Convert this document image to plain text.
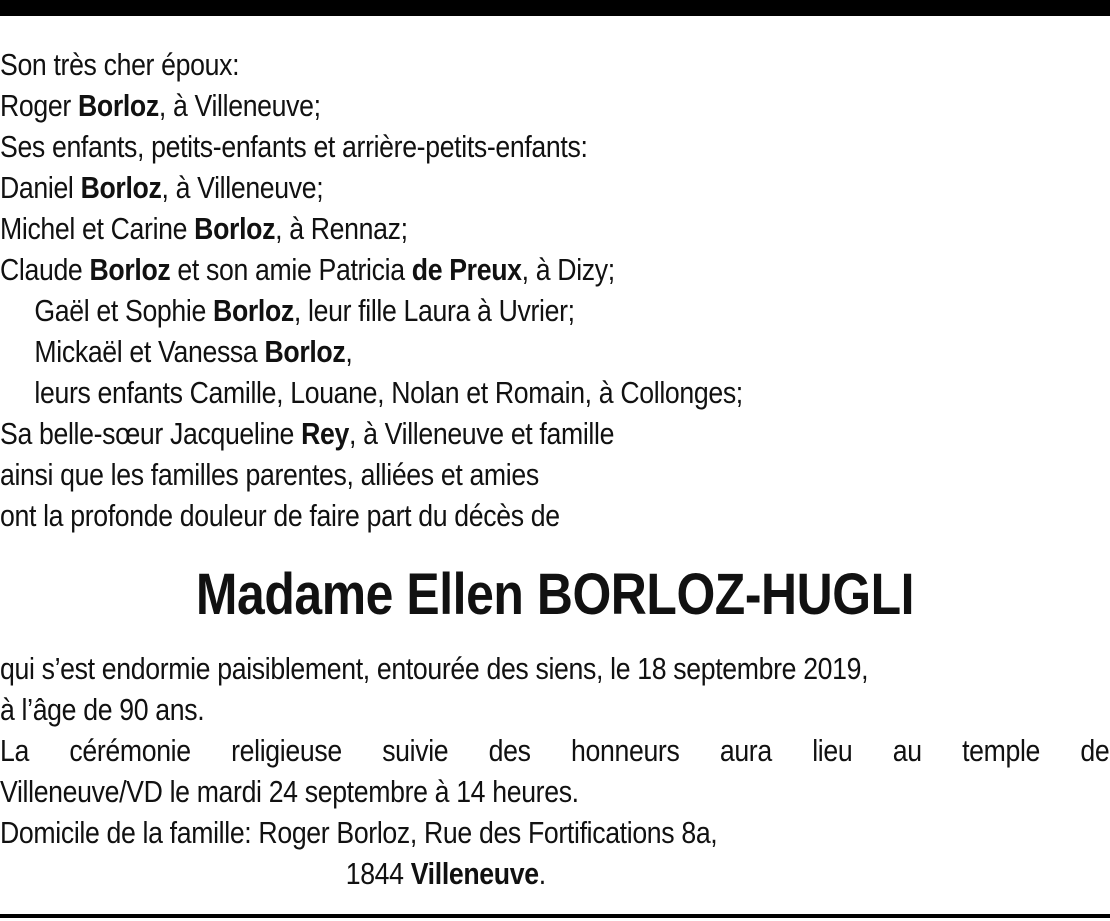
Son très cher époux:
Roger Borloz, à Villeneuve;
Ses enfants, petits-enfants et arrière-petits-enfants:
Daniel Borloz, à Villeneuve;
Michel et Carine Borloz, à Rennaz;
Claude Borloz et son amie Patricia de Preux, à Dizy;
Gaël et Sophie Borloz, leur fille Laura à Uvrier;
Mickaël et Vanessa Borloz,
leurs enfants Camille, Louane, Nolan et Romain, à Collonges;
Sa belle-sœur Jacqueline Rey, à Villeneuve et famille
ainsi que les familles parentes, alliées et amies
ont la profonde douleur de faire part du décès de
Madame Ellen BORLOZ-HUGLI
qui s’est endormie paisiblement, entourée des siens, le 18 septembre 2019,
à l’âge de 90 ans.
La cérémonie religieuse suivie des honneurs aura lieu au temple de
Villeneuve/VD le mardi 24 septembre à 14 heures.
Domicile de la famille: Roger Borloz, Rue des Fortifications 8a,
1844 Villeneuve.
